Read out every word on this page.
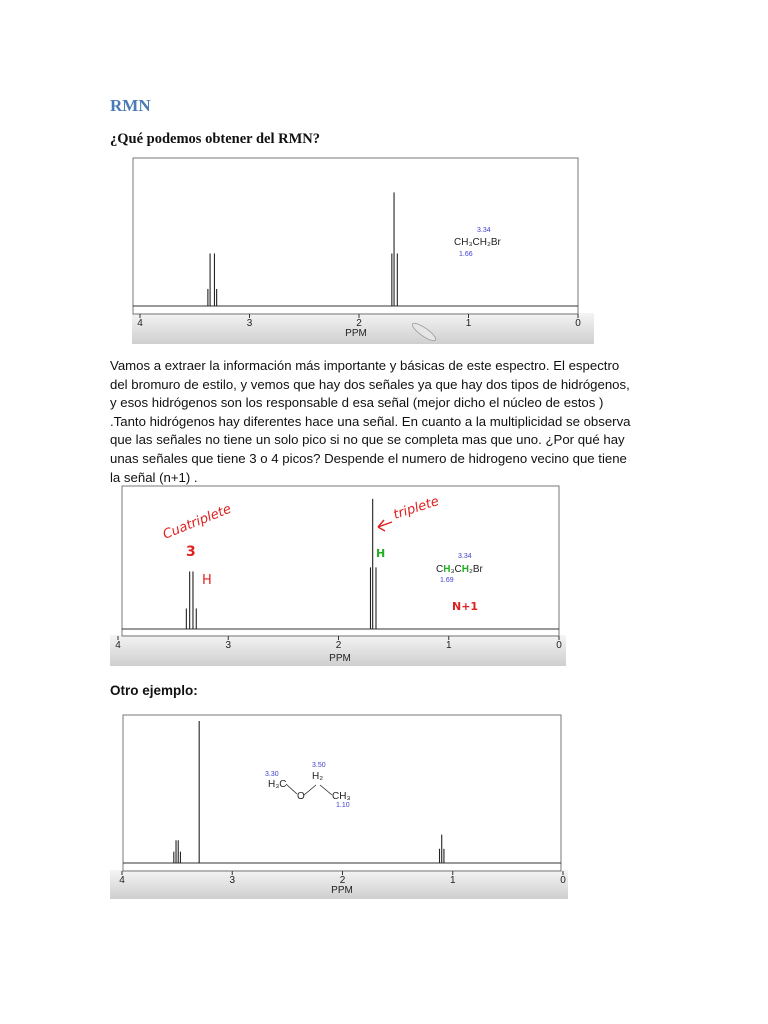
RMN
¿Qué podemos obtener del RMN?
4	3	2	1	0
PPM
3.34
CH₃CH₂Br
1.66

Vamos a extraer la información más importante y básicas de este espectro. El espectro del bromuro de estilo, y vemos que hay dos señales ya que hay dos tipos de hidrógenos, y esos hidrógenos son los responsable d esa señal (mejor dicho el núcleo de estos ) .Tanto hidrógenos hay diferentes hace una señal. En cuanto a la multiplicidad se observa que las señales no tiene un solo pico si no que se completa mas que uno. ¿Por qué hay unas señales que tiene 3 o 4 picos? Despende el numero de hidrogeno vecino que tiene la señal (n+1) .

4	3	2	1	0
PPM
Cuatriplete
3
H
triplete
H	3.34
CH₃CH₂Br
1.69
N+1
Otro ejemplo:
4	3	2	1	0
PPM
3.30
3.50
H₂
H₃C
O	CH₃
1.10
